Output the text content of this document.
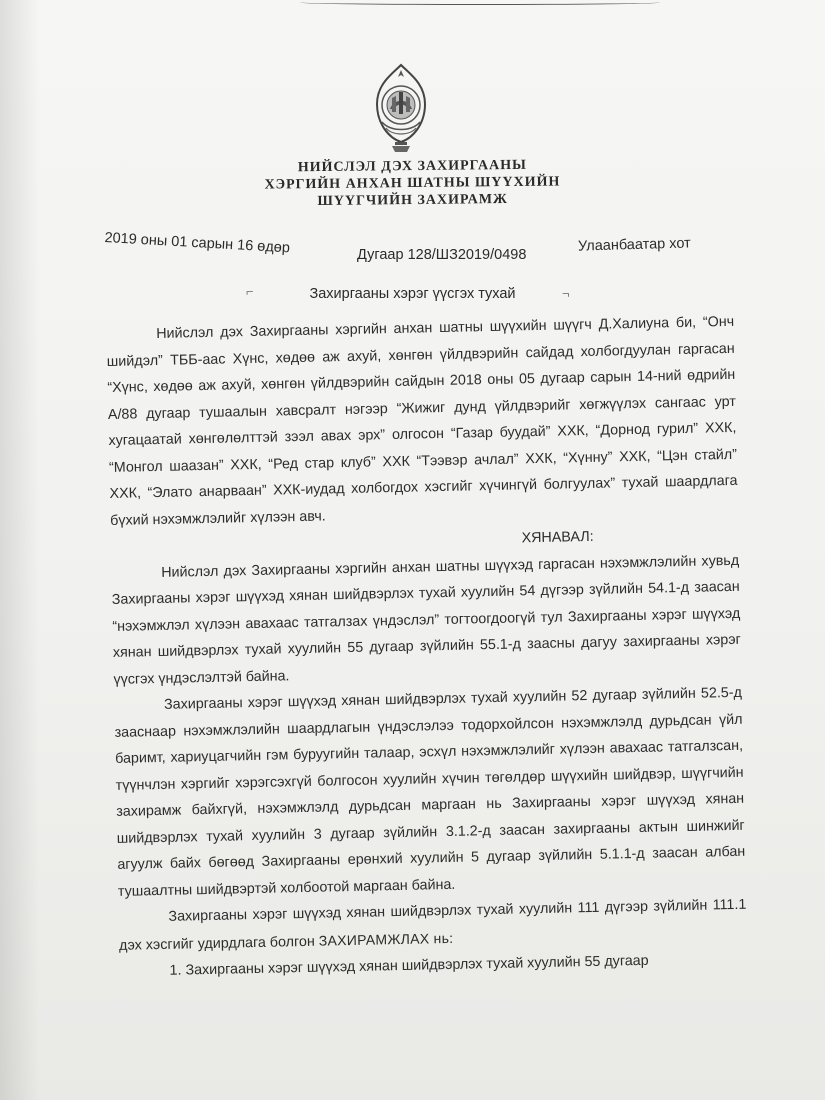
НИЙСЛЭЛ ДЭХ ЗАХИРГААНЫ
ХЭРГИЙН АНХАН ШАТНЫ ШҮҮХИЙН
ШҮҮГЧИЙН ЗАХИРАМЖ
2019 оны 01 сарын 16 өдөр	Дугаар 128/ШЗ2019/0498
Улаанбаатар хот
⌐	¬
Захиргааны хэрэг үүсгэх тухай

Нийслэл дэх Захиргааны хэргийн анхан шатны шүүхийн шүүгч Д.Халиуна би, “Онч шийдэл” ТББ-аас Хүнс, хөдөө аж ахуй, хөнгөн үйлдвэрийн сайдад холбогдуулан гаргасан “Хүнс, хөдөө аж ахуй, хөнгөн үйлдвэрийн сайдын 2018 оны 05 дугаар сарын 14-ний өдрийн А/88 дугаар тушаалын хавсралт нэгээр “Жижиг дунд үйлдвэрийг хөгжүүлэх сангаас урт хугацаатай хөнгөлөлттэй зээл авах эрх” олгосон “Газар буудай” ХХК, “Дорнод гурил” ХХК, “Монгол шаазан” ХХК, “Ред стар клуб” ХХК “Тээвэр ачлал” ХХК, “Хүнну” ХХК, “Цэн стайл” ХХК, “Элато анарваан” ХХК-иудад холбогдох хэсгийг хүчингүй болгуулах” тухай шаардлага бүхий нэхэмжлэлийг хүлээн авч.

ХЯНАВАЛ:

Нийслэл дэх Захиргааны хэргийн анхан шатны шүүхэд гаргасан нэхэмжлэлийн хувьд Захиргааны хэрэг шүүхэд хянан шийдвэрлэх тухай хуулийн 54 дүгээр зүйлийн 54.1-д заасан “нэхэмжлэл хүлээн авахаас татгалзах үндэслэл” тогтоогдоогүй тул Захиргааны хэрэг шүүхэд хянан шийдвэрлэх тухай хуулийн 55 дугаар зүйлийн 55.1-д заасны дагуу захиргааны хэрэг үүсгэх үндэслэлтэй байна.

Захиргааны хэрэг шүүхэд хянан шийдвэрлэх тухай хуулийн 52 дугаар зүйлийн 52.5-д зааснаар нэхэмжлэлийн шаардлагын үндэслэлээ тодорхойлсон нэхэмжлэлд дурьдсан үйл баримт, хариуцагчийн гэм буруугийн талаар, эсхүл нэхэмжлэлийг хүлээн авахаас татгалзсан, түүнчлэн хэргийг хэрэгсэхгүй болгосон хуулийн хүчин төгөлдөр шүүхийн шийдвэр, шүүгчийн захирамж байхгүй, нэхэмжлэлд дурьдсан маргаан нь Захиргааны хэрэг шүүхэд хянан шийдвэрлэх тухай хуулийн 3 дугаар зүйлийн 3.1.2-д заасан захиргааны актын шинжийг агуулж байх бөгөөд Захиргааны ерөнхий хуулийн 5 дугаар зүйлийн 5.1.1-д заасан албан тушаалтны шийдвэртэй холбоотой маргаан байна.

Захиргааны хэрэг шүүхэд хянан шийдвэрлэх тухай хуулийн 111 дүгээр зүйлийн 111.1 дэх хэсгийг удирдлага болгон ЗАХИРАМЖЛАХ нь:

1. Захиргааны хэрэг шүүхэд хянан шийдвэрлэх тухай хуулийн 55 дугаар
